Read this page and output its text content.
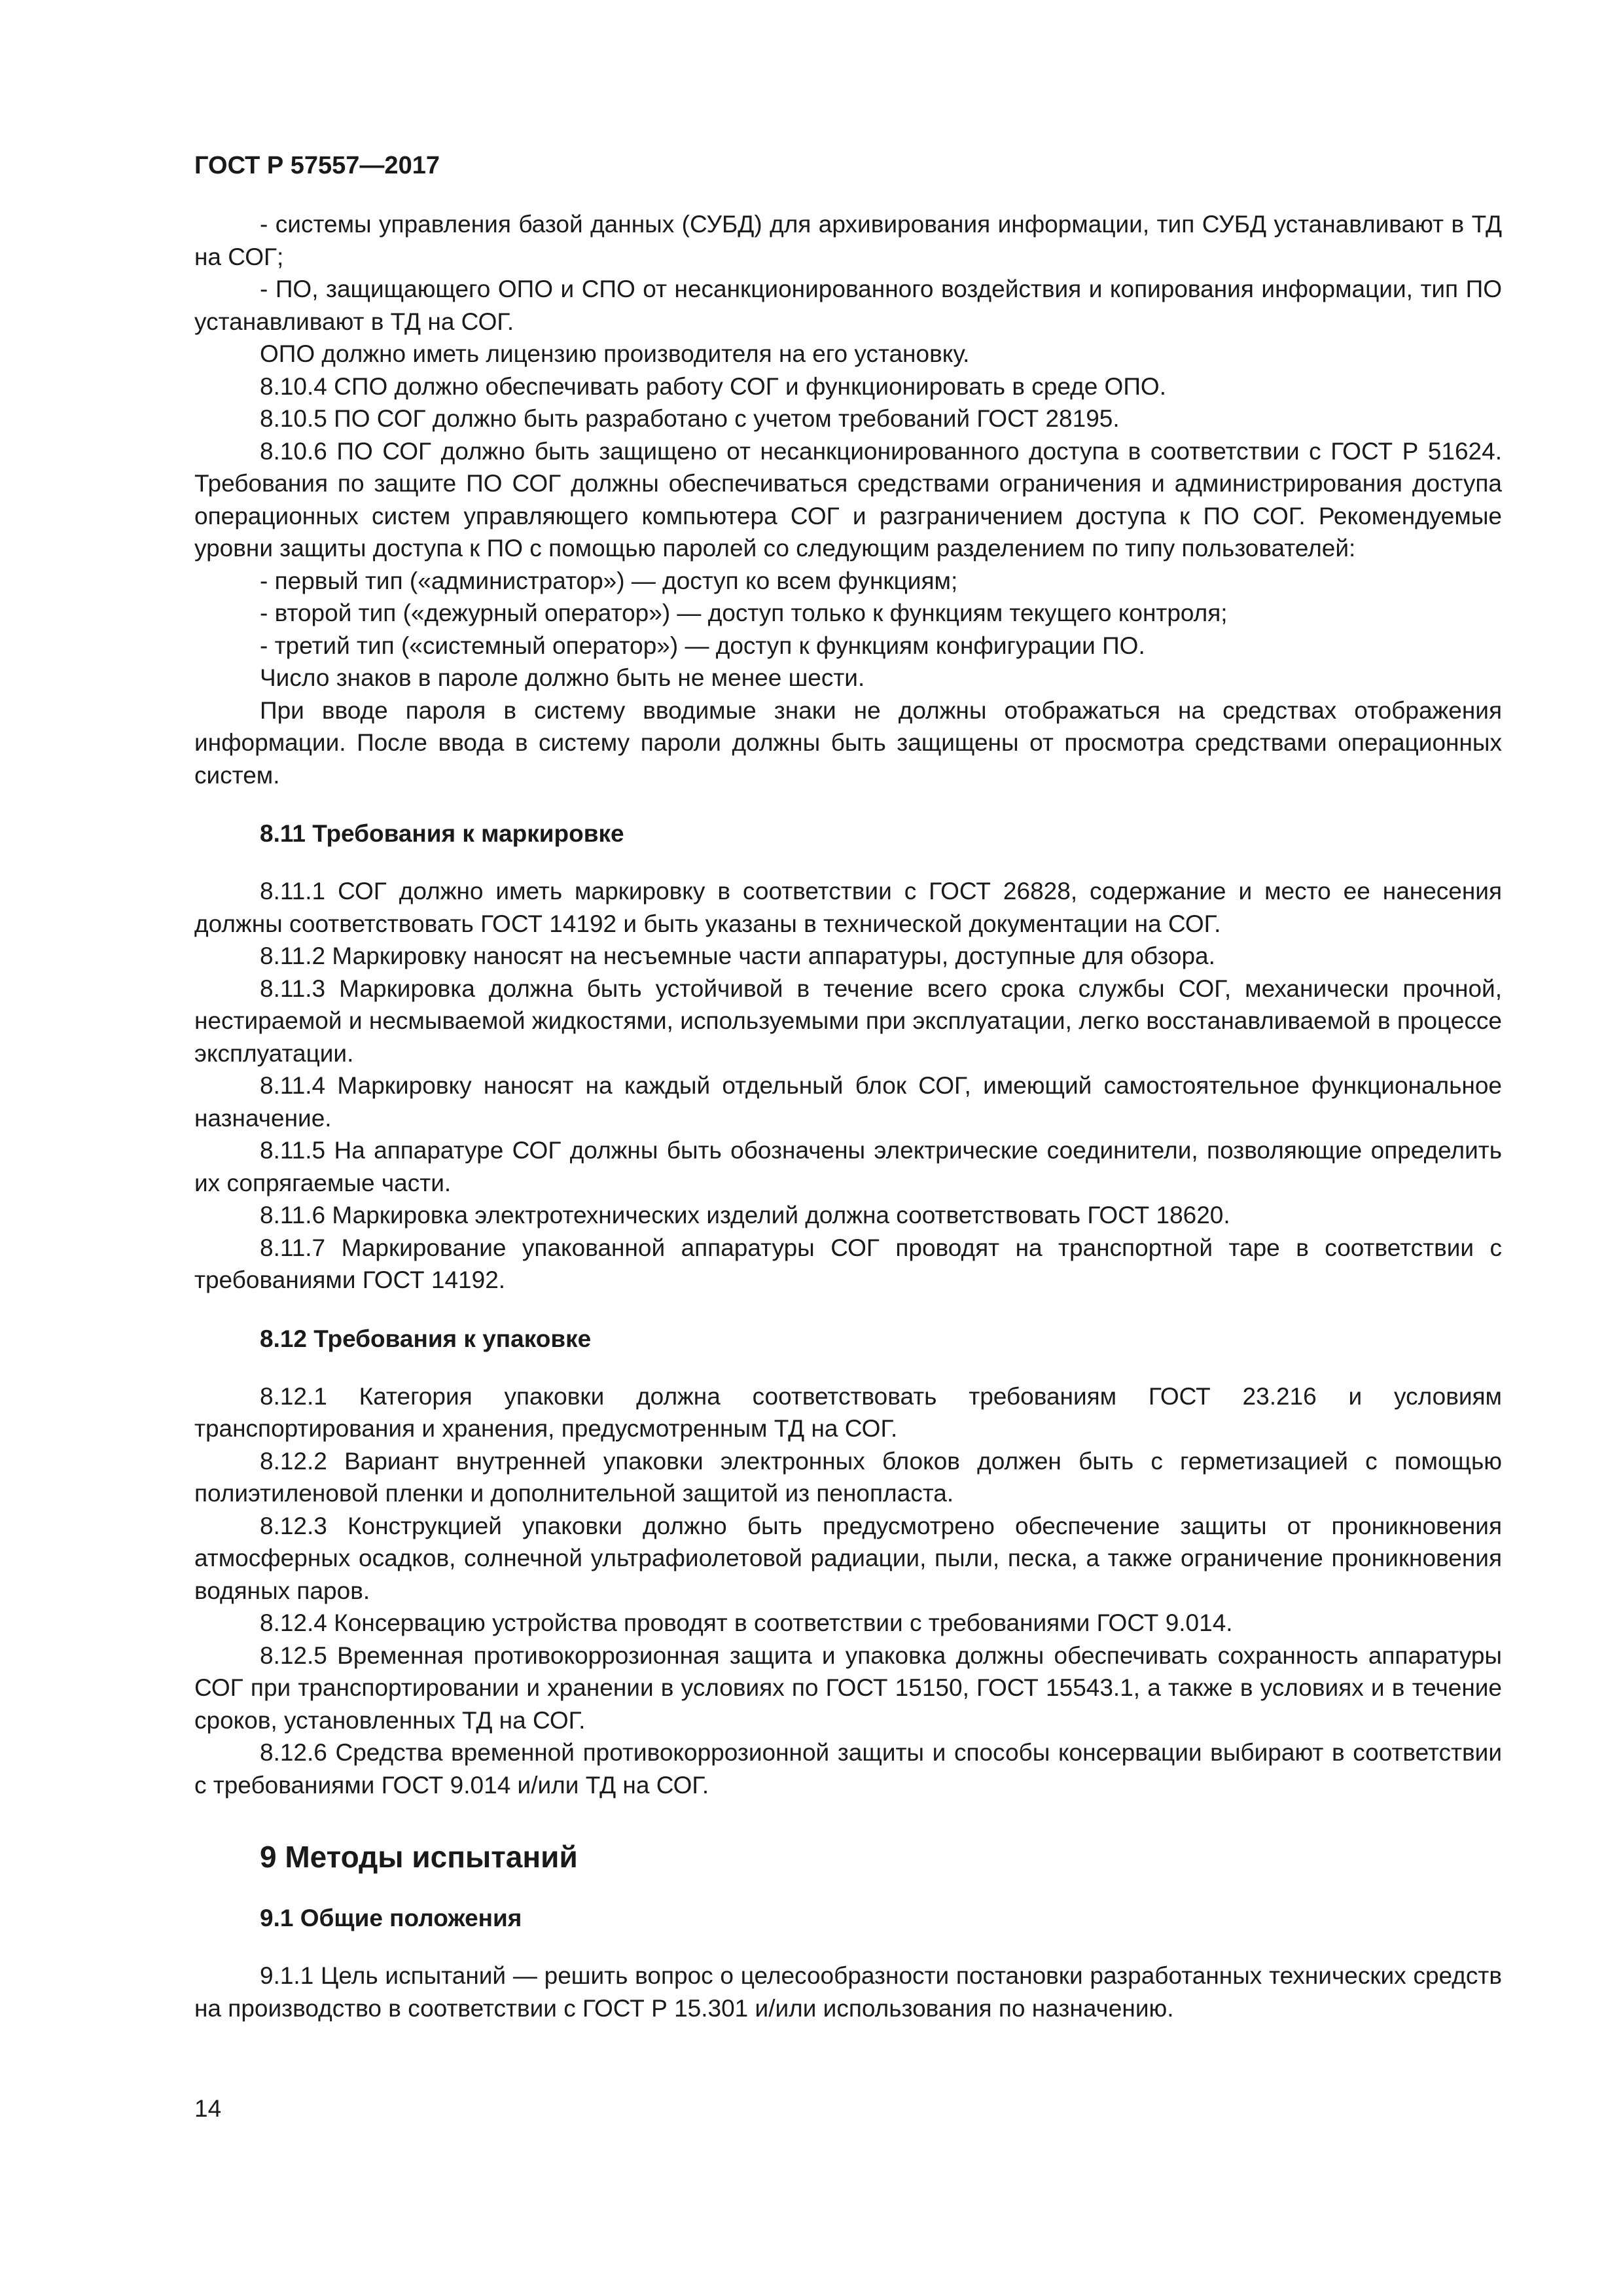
ГОСТ Р 57557—2017

- системы управления базой данных (СУБД) для архивирования информации, тип СУБД устанавливают в ТД на СОГ;

- ПО, защищающего ОПО и СПО от несанкционированного воздействия и копирования информации, тип ПО устанавливают в ТД на СОГ.

ОПО должно иметь лицензию производителя на его установку.

8.10.4 СПО должно обеспечивать работу СОГ и функционировать в среде ОПО.

8.10.5 ПО СОГ должно быть разработано с учетом требований ГОСТ 28195.

8.10.6 ПО СОГ должно быть защищено от несанкционированного доступа в соответствии с ГОСТ Р 51624. Требования по защите ПО СОГ должны обеспечиваться средствами ограничения и администрирования доступа операционных систем управляющего компьютера СОГ и разграничением доступа к ПО СОГ. Рекомендуемые уровни защиты доступа к ПО с помощью паролей со следующим разделением по типу пользователей:

- первый тип («администратор») — доступ ко всем функциям;

- второй тип («дежурный оператор») — доступ только к функциям текущего контроля;

- третий тип («системный оператор») — доступ к функциям конфигурации ПО.

Число знаков в пароле должно быть не менее шести.

При вводе пароля в систему вводимые знаки не должны отображаться на средствах отображения информации. После ввода в систему пароли должны быть защищены от просмотра средствами операционных систем.

8.11 Требования к маркировке

8.11.1 СОГ должно иметь маркировку в соответствии с ГОСТ 26828, содержание и место ее нанесения должны соответствовать ГОСТ 14192 и быть указаны в технической документации на СОГ.

8.11.2 Маркировку наносят на несъемные части аппаратуры, доступные для обзора.

8.11.3 Маркировка должна быть устойчивой в течение всего срока службы СОГ, механически прочной, нестираемой и несмываемой жидкостями, используемыми при эксплуатации, легко восстанавливаемой в процессе эксплуатации.

8.11.4 Маркировку наносят на каждый отдельный блок СОГ, имеющий самостоятельное функциональное назначение.

8.11.5 На аппаратуре СОГ должны быть обозначены электрические соединители, позволяющие определить их сопрягаемые части.

8.11.6 Маркировка электротехнических изделий должна соответствовать ГОСТ 18620.

8.11.7 Маркирование упакованной аппаратуры СОГ проводят на транспортной таре в соответствии с требованиями ГОСТ 14192.

8.12 Требования к упаковке

8.12.1 Категория упаковки должна соответствовать требованиям ГОСТ 23.216 и условиям транспортирования и хранения, предусмотренным ТД на СОГ.

8.12.2 Вариант внутренней упаковки электронных блоков должен быть с герметизацией с помощью полиэтиленовой пленки и дополнительной защитой из пенопласта.

8.12.3 Конструкцией упаковки должно быть предусмотрено обеспечение защиты от проникновения атмосферных осадков, солнечной ультрафиолетовой радиации, пыли, песка, а также ограничение проникновения водяных паров.

8.12.4 Консервацию устройства проводят в соответствии с требованиями ГОСТ 9.014.

8.12.5 Временная противокоррозионная защита и упаковка должны обеспечивать сохранность аппаратуры СОГ при транспортировании и хранении в условиях по ГОСТ 15150, ГОСТ 15543.1, а также в условиях и в течение сроков, установленных ТД на СОГ.

8.12.6 Средства временной противокоррозионной защиты и способы консервации выбирают в соответствии с требованиями ГОСТ 9.014 и/или ТД на СОГ.

9 Методы испытаний
9.1 Общие положения

9.1.1 Цель испытаний — решить вопрос о целесообразности постановки разработанных технических средств на производство в соответствии с ГОСТ Р 15.301 и/или использования по назначению.

14
